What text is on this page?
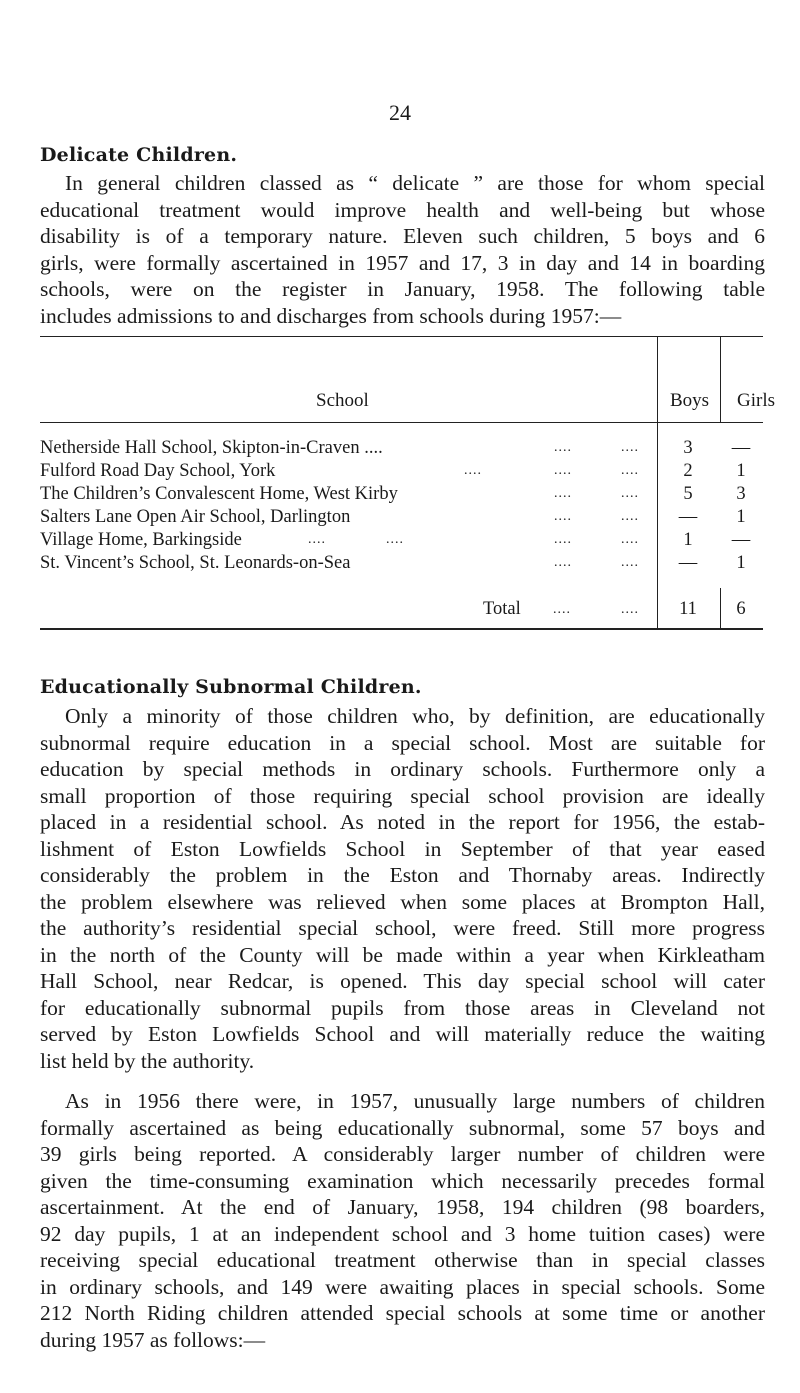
24
Delicate Children.
In general children classed as “ delicate ” are those for whom special
educational treatment would improve health and well-being but whose
disability is of a temporary nature. Eleven such children, 5 boys and 6
girls, were formally ascertained in 1957 and 17, 3 in day and 14 in boarding
schools, were on the register in January, 1958. The following table
includes admissions to and discharges from schools during 1957:—
School	Boys Girls
Netherside Hall School, Skipton-in-Craven ....	....	....	3	—
Fulford Road Day School, York	....	....	....	2	1
The Children’s Convalescent Home, West Kirby	....	....	5	3
Salters Lane Open Air School, Darlington	....	....	—	1
Village Home, Barkingside	....	....	....	....	1	—
St. Vincent’s School, St. Leonards-on-Sea	....	....	—	1
Total ....	....	11	6
Educationally Subnormal Children.
Only a minority of those children who, by definition, are educationally
subnormal require education in a special school. Most are suitable for
education by special methods in ordinary schools. Furthermore only a
small proportion of those requiring special school provision are ideally
placed in a residential school. As noted in the report for 1956, the estab-
lishment of Eston Lowfields School in September of that year eased
considerably the problem in the Eston and Thornaby areas. Indirectly
the problem elsewhere was relieved when some places at Brompton Hall,
the authority’s residential special school, were freed. Still more progress
in the north of the County will be made within a year when Kirkleatham
Hall School, near Redcar, is opened. This day special school will cater
for educationally subnormal pupils from those areas in Cleveland not
served by Eston Lowfields School and will materially reduce the waiting
list held by the authority.
As in 1956 there were, in 1957, unusually large numbers of children
formally ascertained as being educationally subnormal, some 57 boys and
39 girls being reported. A considerably larger number of children were
given the time-consuming examination which necessarily precedes formal
ascertainment. At the end of January, 1958, 194 children (98 boarders,
92 day pupils, 1 at an independent school and 3 home tuition cases) were
receiving special educational treatment otherwise than in special classes
in ordinary schools, and 149 were awaiting places in special schools. Some
212 North Riding children attended special schools at some time or another
during 1957 as follows:—
